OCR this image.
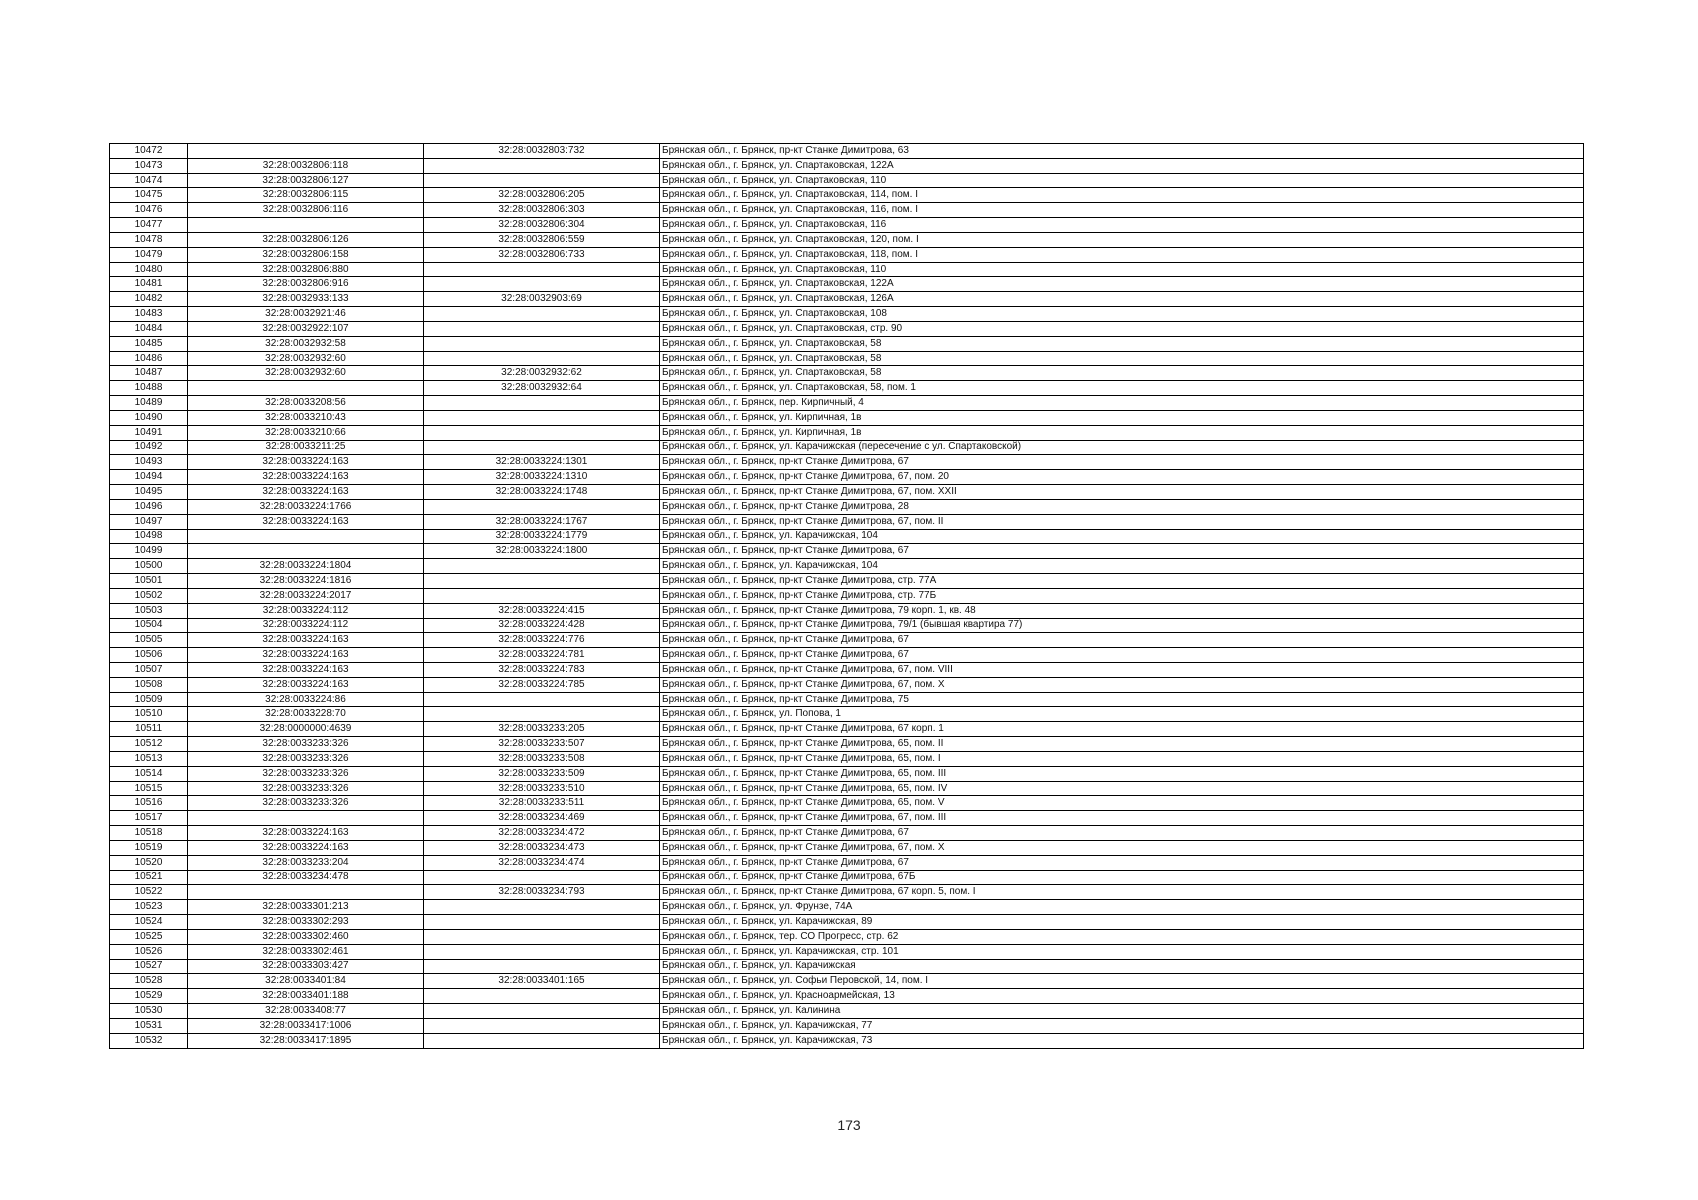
10472		32:28:0032803:732	Брянская обл., г. Брянск, пр-кт Станке Димитрова, 63
10473	32:28:0032806:118		Брянская обл., г. Брянск, ул. Спартаковская, 122А
10474	32:28:0032806:127		Брянская обл., г. Брянск, ул. Спартаковская, 110
10475	32:28:0032806:115	32:28:0032806:205	Брянская обл., г. Брянск, ул. Спартаковская, 114, пом. I
10476	32:28:0032806:116	32:28:0032806:303	Брянская обл., г. Брянск, ул. Спартаковская, 116, пом. I
10477		32:28:0032806:304	Брянская обл., г. Брянск, ул. Спартаковская, 116
10478	32:28:0032806:126	32:28:0032806:559	Брянская обл., г. Брянск, ул. Спартаковская, 120, пом. I
10479	32:28:0032806:158	32:28:0032806:733	Брянская обл., г. Брянск, ул. Спартаковская, 118, пом. I
10480	32:28:0032806:880		Брянская обл., г. Брянск, ул. Спартаковская, 110
10481	32:28:0032806:916		Брянская обл., г. Брянск, ул. Спартаковская, 122А
10482	32:28:0032933:133	32:28:0032903:69	Брянская обл., г. Брянск, ул. Спартаковская, 126А
10483	32:28:0032921:46		Брянская обл., г. Брянск, ул. Спартаковская, 108
10484	32:28:0032922:107		Брянская обл., г. Брянск, ул. Спартаковская, стр. 90
10485	32:28:0032932:58		Брянская обл., г. Брянск, ул. Спартаковская, 58
10486	32:28:0032932:60		Брянская обл., г. Брянск, ул. Спартаковская, 58
10487	32:28:0032932:60	32:28:0032932:62	Брянская обл., г. Брянск, ул. Спартаковская, 58
10488		32:28:0032932:64	Брянская обл., г. Брянск, ул. Спартаковская, 58, пом. 1
10489	32:28:0033208:56		Брянская обл., г. Брянск, пер. Кирпичный, 4
10490	32:28:0033210:43		Брянская обл., г. Брянск, ул. Кирпичная, 1в
10491	32:28:0033210:66		Брянская обл., г. Брянск, ул. Кирпичная, 1в
10492	32:28:0033211:25		Брянская обл., г. Брянск, ул. Карачижская (пересечение с ул. Спартаковской)
10493	32:28:0033224:163	32:28:0033224:1301	Брянская обл., г. Брянск, пр-кт Станке Димитрова, 67
10494	32:28:0033224:163	32:28:0033224:1310	Брянская обл., г. Брянск, пр-кт Станке Димитрова, 67, пом. 20
10495	32:28:0033224:163	32:28:0033224:1748	Брянская обл., г. Брянск, пр-кт Станке Димитрова, 67, пом. XXII
10496	32:28:0033224:1766		Брянская обл., г. Брянск, пр-кт Станке Димитрова, 28
10497	32:28:0033224:163	32:28:0033224:1767	Брянская обл., г. Брянск, пр-кт Станке Димитрова, 67, пом. II
10498		32:28:0033224:1779	Брянская обл., г. Брянск, ул. Карачижская, 104
10499		32:28:0033224:1800	Брянская обл., г. Брянск, пр-кт Станке Димитрова, 67
10500	32:28:0033224:1804		Брянская обл., г. Брянск, ул. Карачижская, 104
10501	32:28:0033224:1816		Брянская обл., г. Брянск, пр-кт Станке Димитрова, стр. 77А
10502	32:28:0033224:2017		Брянская обл., г. Брянск, пр-кт Станке Димитрова, стр. 77Б
10503	32:28:0033224:112	32:28:0033224:415	Брянская обл., г. Брянск, пр-кт Станке Димитрова, 79 корп. 1, кв. 48
10504	32:28:0033224:112	32:28:0033224:428	Брянская обл., г. Брянск, пр-кт Станке Димитрова, 79/1 (бывшая квартира 77)
10505	32:28:0033224:163	32:28:0033224:776	Брянская обл., г. Брянск, пр-кт Станке Димитрова, 67
10506	32:28:0033224:163	32:28:0033224:781	Брянская обл., г. Брянск, пр-кт Станке Димитрова, 67
10507	32:28:0033224:163	32:28:0033224:783	Брянская обл., г. Брянск, пр-кт Станке Димитрова, 67, пом. VIII
10508	32:28:0033224:163	32:28:0033224:785	Брянская обл., г. Брянск, пр-кт Станке Димитрова, 67, пом. X
10509	32:28:0033224:86		Брянская обл., г. Брянск, пр-кт Станке Димитрова, 75
10510	32:28:0033228:70		Брянская обл., г. Брянск, ул. Попова, 1
10511	32:28:0000000:4639	32:28:0033233:205	Брянская обл., г. Брянск, пр-кт Станке Димитрова, 67 корп. 1
10512	32:28:0033233:326	32:28:0033233:507	Брянская обл., г. Брянск, пр-кт Станке Димитрова, 65, пом. II
10513	32:28:0033233:326	32:28:0033233:508	Брянская обл., г. Брянск, пр-кт Станке Димитрова, 65, пом. I
10514	32:28:0033233:326	32:28:0033233:509	Брянская обл., г. Брянск, пр-кт Станке Димитрова, 65, пом. III
10515	32:28:0033233:326	32:28:0033233:510	Брянская обл., г. Брянск, пр-кт Станке Димитрова, 65, пом. IV
10516	32:28:0033233:326	32:28:0033233:511	Брянская обл., г. Брянск, пр-кт Станке Димитрова, 65, пом. V
10517		32:28:0033234:469	Брянская обл., г. Брянск, пр-кт Станке Димитрова, 67, пом. III
10518	32:28:0033224:163	32:28:0033234:472	Брянская обл., г. Брянск, пр-кт Станке Димитрова, 67
10519	32:28:0033224:163	32:28:0033234:473	Брянская обл., г. Брянск, пр-кт Станке Димитрова, 67, пом. X
10520	32:28:0033233:204	32:28:0033234:474	Брянская обл., г. Брянск, пр-кт Станке Димитрова, 67
10521	32:28:0033234:478		Брянская обл., г. Брянск, пр-кт Станке Димитрова, 67Б
10522		32:28:0033234:793	Брянская обл., г. Брянск, пр-кт Станке Димитрова, 67 корп. 5, пом. I
10523	32:28:0033301:213		Брянская обл., г. Брянск, ул. Фрунзе, 74А
10524	32:28:0033302:293		Брянская обл., г. Брянск, ул. Карачижская, 89
10525	32:28:0033302:460		Брянская обл., г. Брянск, тер. СО Прогресс, стр. 62
10526	32:28:0033302:461		Брянская обл., г. Брянск, ул. Карачижская, стр. 101
10527	32:28:0033303:427		Брянская обл., г. Брянск, ул. Карачижская
10528	32:28:0033401:84	32:28:0033401:165	Брянская обл., г. Брянск, ул. Софьи Перовской, 14, пом. I
10529	32:28:0033401:188		Брянская обл., г. Брянск, ул. Красноармейская, 13
10530	32:28:0033408:77		Брянская обл., г. Брянск, ул. Калинина
10531	32:28:0033417:1006		Брянская обл., г. Брянск, ул. Карачижская, 77
10532	32:28:0033417:1895		Брянская обл., г. Брянск, ул. Карачижская, 73
173
